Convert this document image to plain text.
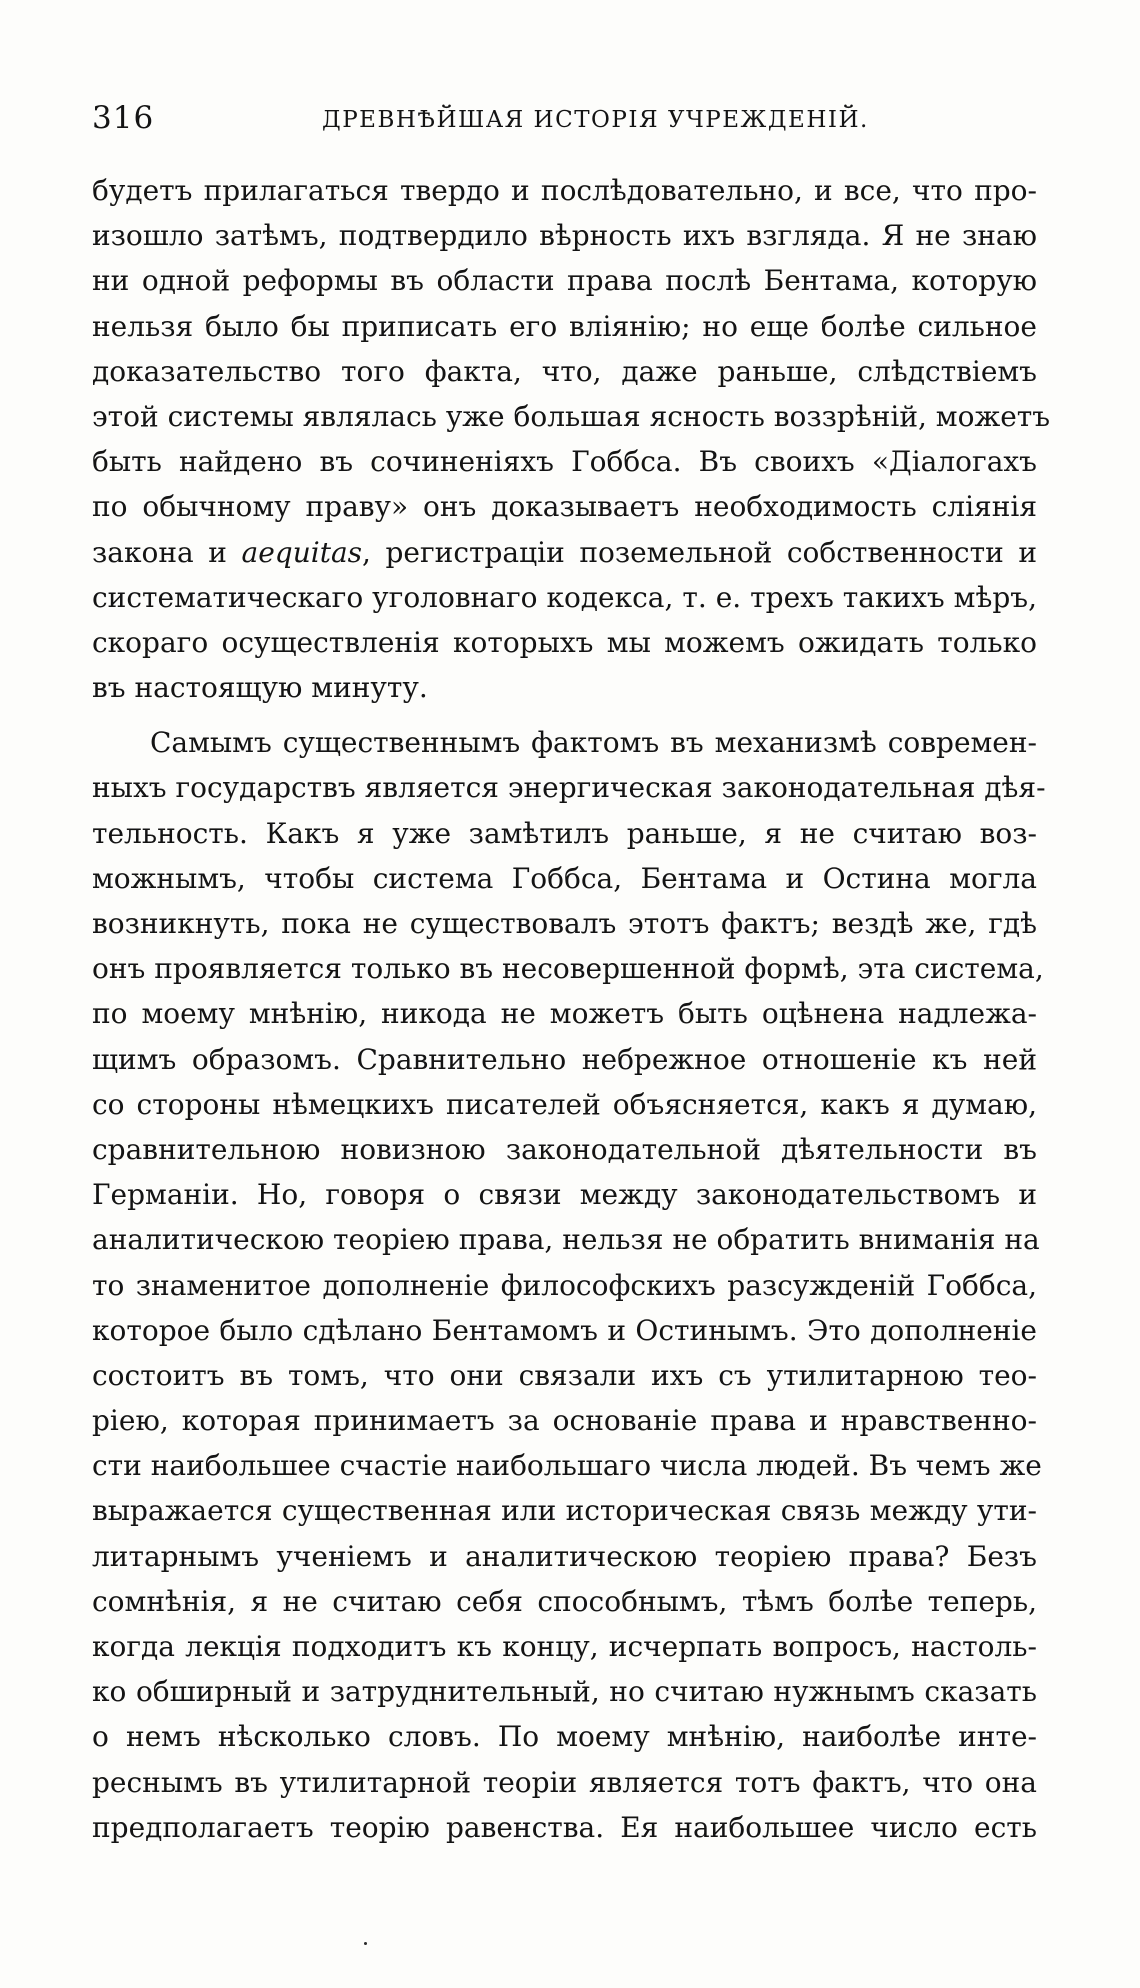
316	ДРЕВНѢЙШАЯ ИСТОРІЯ УЧРЕЖДЕНІЙ.
будетъ прилагаться твердо и послѣдовательно, и все, что про-
изошло затѣмъ, подтвердило вѣрность ихъ взгляда. Я не знаю
ни одной реформы въ области права послѣ Бентама, которую
нельзя было бы приписать его вліянію; но еще болѣе сильное
доказательство того факта, что, даже раньше, слѣдствіемъ
этой системы являлась уже большая ясность воззрѣній, можетъ
быть найдено въ сочиненіяхъ Гоббса. Въ своихъ «Діалогахъ
по обычному праву» онъ доказываетъ необходимость слiянiя
закона и aequitas, регистраціи поземельной собственности и
систематическаго уголовнаго кодекса, т. е. трехъ такихъ мѣръ,
скораго осуществленія которыхъ мы можемъ ожидать только
въ настоящую минуту.
Самымъ существеннымъ фактомъ въ механизмѣ современ-
ныхъ государствъ является энергическая законодательная дѣя-
тельность. Какъ я уже замѣтилъ раньше, я не считаю воз-
можнымъ, чтобы система Гоббса, Бентама и Остина могла
возникнуть, пока не существовалъ этотъ фактъ; вездѣ же, гдѣ
онъ проявляется только въ несовершенной формѣ, эта система,
по моему мнѣнію, никода не можетъ быть оцѣнена надлежа-
щимъ образомъ. Сравнительно небрежное отношеніе къ ней
со стороны нѣмецкихъ писателей объясняется, какъ я думаю,
сравнительною новизною законодательной дѣятельности въ
Германіи. Но, говоря о связи между законодательствомъ и
аналитическою теоріею права, нельзя не обратить вниманія на
то знаменитое дополненіе философскихъ разсужденій Гоббса,
которое было сдѣлано Бентамомъ и Остинымъ. Это дополненіе
состоитъ въ томъ, что они связали ихъ съ утилитарною тео-
ріею, которая принимаетъ за основаніе права и нравственно-
сти наибольшее счастіе наибольшаго числа людей. Въ чемъ же
выражается существенная или историческая связь между ути-
литарнымъ ученіемъ и аналитическою теоріею права? Безъ
сомнѣнія, я не считаю себя способнымъ, тѣмъ болѣе теперь,
когда лекція подходитъ къ концу, исчерпать вопросъ, настоль-
ко обширный и затруднительный, но считаю нужнымъ сказать
о немъ нѣсколько словъ. По моему мнѣнію, наиболѣе инте-
реснымъ въ утилитарной теоріи является тотъ фактъ, что она
предполагаетъ теорію равенства. Ея наибольшее число есть
